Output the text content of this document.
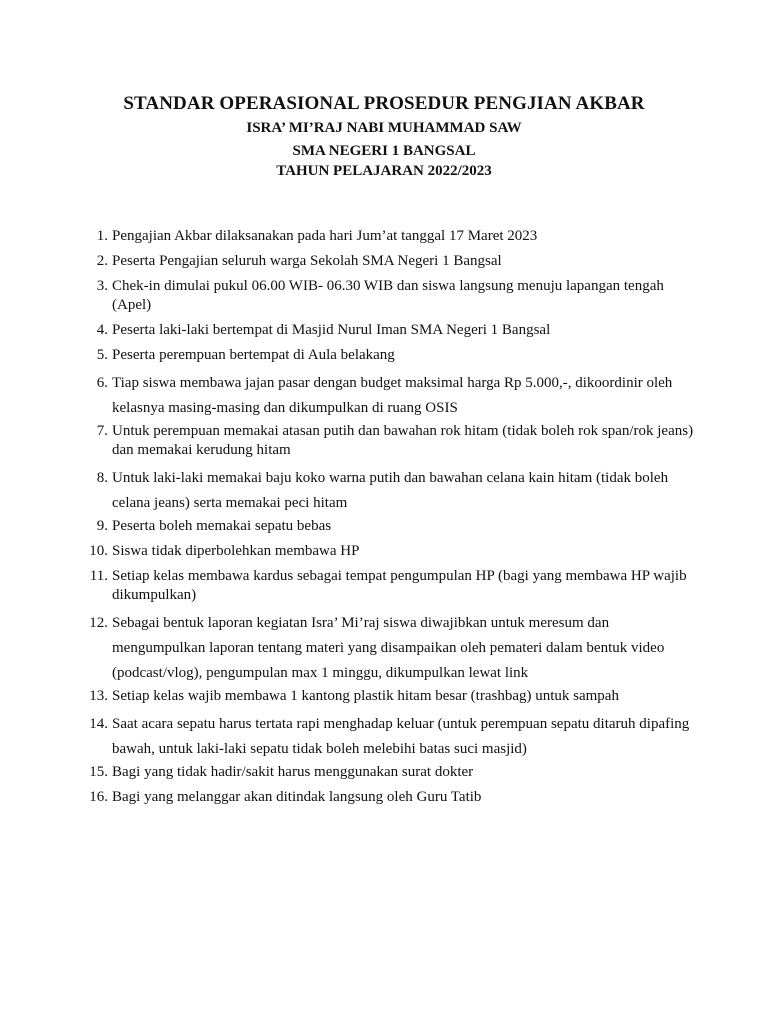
STANDAR OPERASIONAL PROSEDUR PENGJIAN AKBAR

ISRA’ MI’RAJ NABI MUHAMMAD SAW

SMA NEGERI 1 BANGSAL

TAHUN PELAJARAN 2022/2023

1. Pengajian Akbar dilaksanakan pada hari Jum’at tanggal 17 Maret 2023
2. Peserta Pengajian seluruh warga Sekolah SMA Negeri 1 Bangsal
3. Chek-in dimulai pukul 06.00 WIB- 06.30 WIB dan siswa langsung menuju lapangan tengah (Apel)
4. Peserta laki-laki bertempat di Masjid Nurul Iman SMA Negeri 1 Bangsal
5. Peserta perempuan bertempat di Aula belakang
6. Tiap siswa membawa jajan pasar dengan budget maksimal harga Rp 5.000,-, dikoordinir oleh kelasnya masing-masing dan dikumpulkan di ruang OSIS
7. Untuk perempuan memakai atasan putih dan bawahan rok hitam (tidak boleh rok span/rok jeans) dan memakai kerudung hitam
8. Untuk laki-laki memakai baju koko warna putih dan bawahan celana kain hitam (tidak boleh celana jeans) serta memakai peci hitam
9. Peserta boleh memakai sepatu bebas
10. Siswa tidak diperbolehkan membawa HP
11. Setiap kelas membawa kardus sebagai tempat pengumpulan HP (bagi yang membawa HP wajib dikumpulkan)
12. Sebagai bentuk laporan kegiatan Isra’ Mi’raj siswa diwajibkan untuk meresum dan mengumpulkan laporan tentang materi yang disampaikan oleh pemateri dalam bentuk video (podcast/vlog), pengumpulan max 1 minggu, dikumpulkan lewat link
13. Setiap kelas wajib membawa 1 kantong plastik hitam besar (trashbag) untuk sampah
14. Saat acara sepatu harus tertata rapi menghadap keluar (untuk perempuan sepatu ditaruh dipafing bawah, untuk laki-laki sepatu tidak boleh melebihi batas suci masjid)
15. Bagi yang tidak hadir/sakit harus menggunakan surat dokter
16. Bagi yang melanggar akan ditindak langsung oleh Guru Tatib
